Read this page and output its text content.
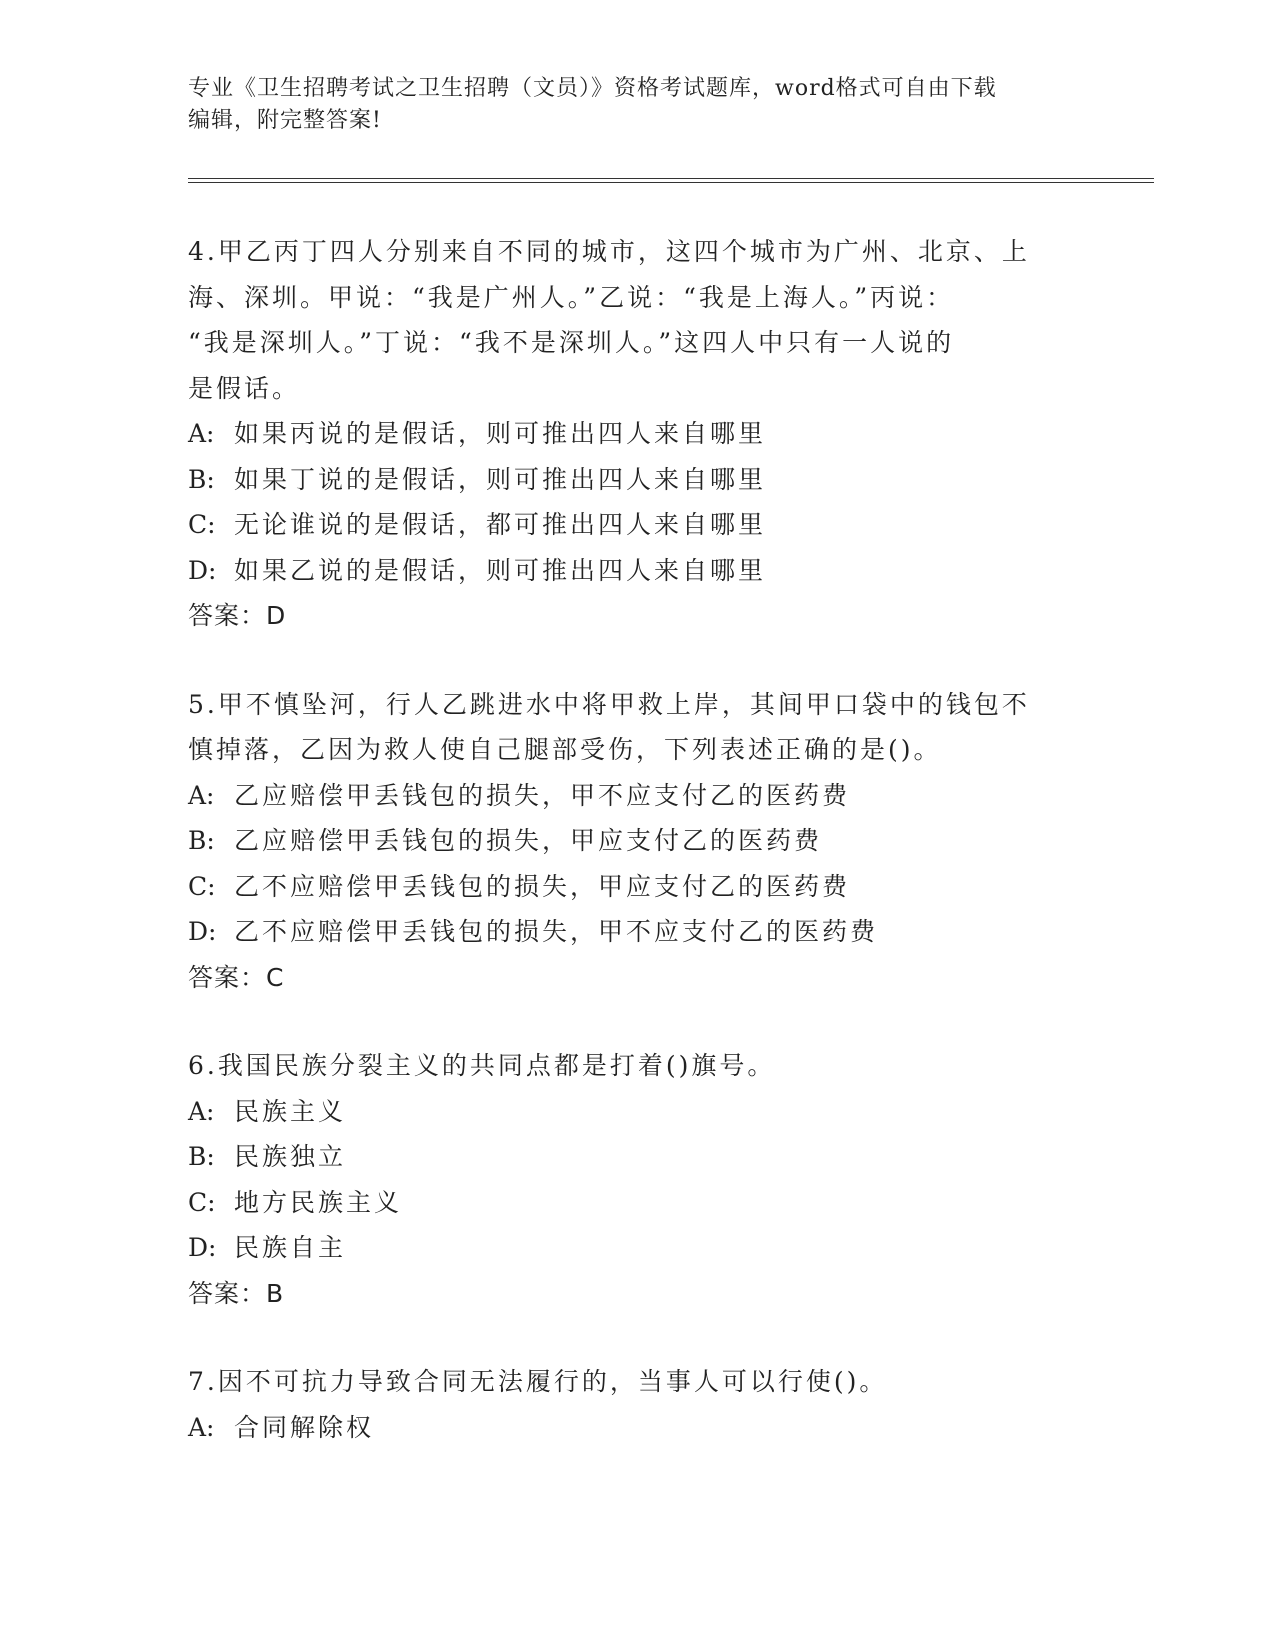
专业《卫生招聘考试之卫生招聘（文员）》资格考试题库，word格式可自由下载
编辑，附完整答案!

4.甲乙丙丁四人分别来自不同的城市，这四个城市为广州、北京、上

海、深圳。甲说：“我是广州人。”乙说：“我是上海人。”丙说：

“我是深圳人。”丁说：“我不是深圳人。”这四人中只有一人说的

是假话。

A: 如果丙说的是假话，则可推出四人来自哪里

B: 如果丁说的是假话，则可推出四人来自哪里

C: 无论谁说的是假话，都可推出四人来自哪里

D: 如果乙说的是假话，则可推出四人来自哪里

答案：D

5.甲不慎坠河，行人乙跳进水中将甲救上岸，其间甲口袋中的钱包不

慎掉落，乙因为救人使自己腿部受伤，下列表述正确的是()。

A: 乙应赔偿甲丢钱包的损失，甲不应支付乙的医药费

B: 乙应赔偿甲丢钱包的损失，甲应支付乙的医药费

C: 乙不应赔偿甲丢钱包的损失，甲应支付乙的医药费

D: 乙不应赔偿甲丢钱包的损失，甲不应支付乙的医药费

答案：C

6.我国民族分裂主义的共同点都是打着()旗号。

A: 民族主义

B: 民族独立

C: 地方民族主义

D: 民族自主

答案：B

7.因不可抗力导致合同无法履行的，当事人可以行使()。

A: 合同解除权
